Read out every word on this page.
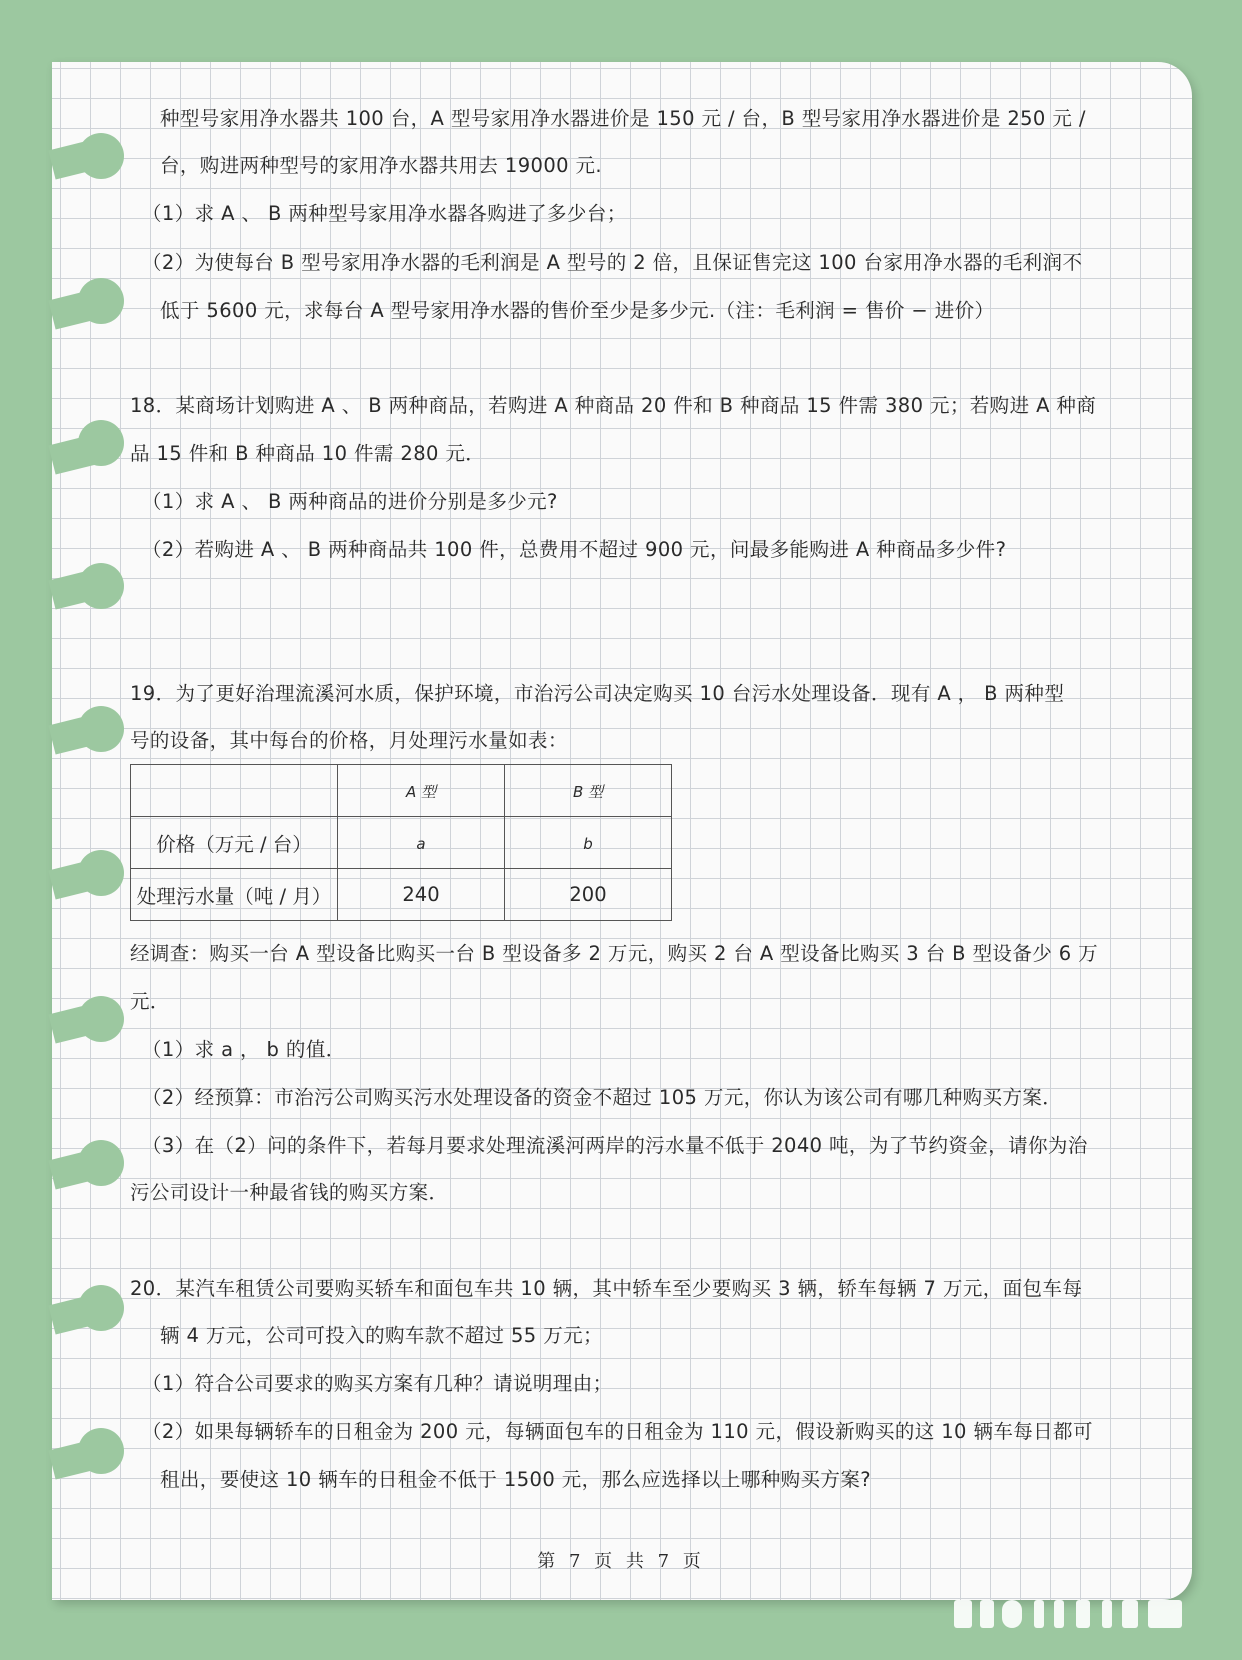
种型号家用净水器共 100 台，A 型号家用净水器进价是 150 元 / 台，B 型号家用净水器进价是 250 元 /
台，购进两种型号的家用净水器共用去 19000 元.
（1）求 A 、 B 两种型号家用净水器各购进了多少台；
（2）为使每台 B 型号家用净水器的毛利润是 A 型号的 2 倍，且保证售完这 100 台家用净水器的毛利润不
低于 5600 元，求每台 A 型号家用净水器的售价至少是多少元.（注：毛利润 = 售价 − 进价）
18．某商场计划购进 A 、 B 两种商品，若购进 A 种商品 20 件和 B 种商品 15 件需 380 元；若购进 A 种商
品 15 件和 B 种商品 10 件需 280 元．
（1）求 A 、 B 两种商品的进价分别是多少元?
（2）若购进 A 、 B 两种商品共 100 件，总费用不超过 900 元，问最多能购进 A 种商品多少件?
19．为了更好治理流溪河水质，保护环境，市治污公司决定购买 10 台污水处理设备．现有 A ， B 两种型
号的设备，其中每台的价格，月处理污水量如表：
	A 型	B 型
价格（万元 / 台）	a	b
处理污水量（吨 / 月）	240	200
经调查：购买一台 A 型设备比购买一台 B 型设备多 2 万元，购买 2 台 A 型设备比购买 3 台 B 型设备少 6 万
元．
（1）求 a ， b 的值．
（2）经预算：市治污公司购买污水处理设备的资金不超过 105 万元，你认为该公司有哪几种购买方案．
（3）在（2）问的条件下，若每月要求处理流溪河两岸的污水量不低于 2040 吨，为了节约资金，请你为治
污公司设计一种最省钱的购买方案．
20．某汽车租赁公司要购买轿车和面包车共 10 辆，其中轿车至少要购买 3 辆，轿车每辆 7 万元，面包车每
辆 4 万元，公司可投入的购车款不超过 55 万元；
（1）符合公司要求的购买方案有几种？请说明理由；
（2）如果每辆轿车的日租金为 200 元，每辆面包车的日租金为 110 元，假设新购买的这 10 辆车每日都可
租出，要使这 10 辆车的日租金不低于 1500 元，那么应选择以上哪种购买方案?
第 7 页 共 7 页
